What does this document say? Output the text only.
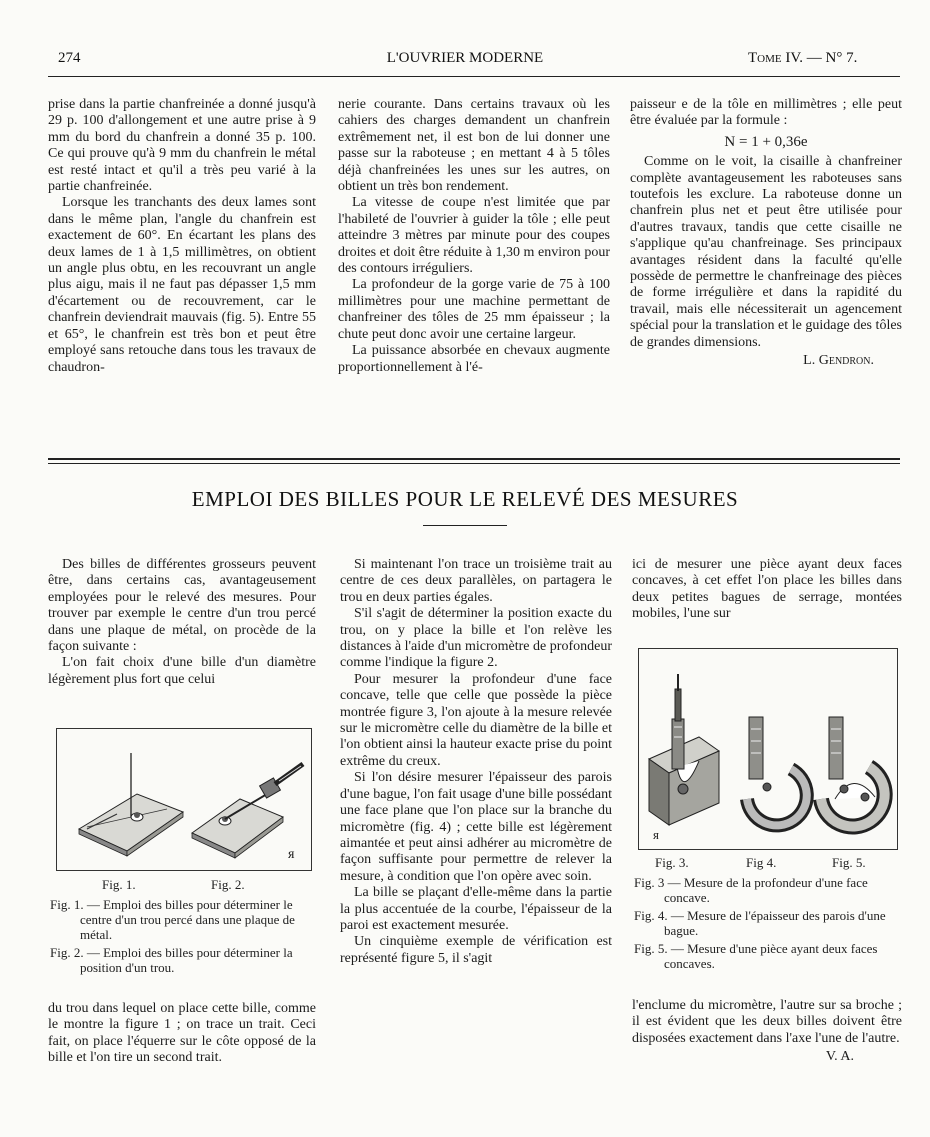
274	L'OUVRIER MODERNE	Tome IV. — N° 7.

prise dans la partie chanfreinée a donné jusqu'à 29 p. 100 d'allongement et une autre prise à 9 mm du bord du chanfrein a donné 35 p. 100. Ce qui prouve qu'à 9 mm du chanfrein le métal est resté intact et qu'il a très peu varié à la partie chanfreinée.

Lorsque les tranchants des deux lames sont dans le même plan, l'angle du chanfrein est exactement de 60°. En écartant les plans des deux lames de 1 à 1,5 millimètres, on obtient un angle plus obtu, en les recouvrant un angle plus aigu, mais il ne faut pas dépasser 1,5 mm d'écartement ou de recouvrement, car le chanfrein deviendrait mauvais (fig. 5). Entre 55 et 65°, le chanfrein est très bon et peut être employé sans retouche dans tous les travaux de chaudron-

nerie courante. Dans certains travaux où les cahiers des charges demandent un chanfrein extrêmement net, il est bon de lui donner une passe sur la raboteuse ; en mettant 4 à 5 tôles déjà chanfreinées les unes sur les autres, on obtient un très bon rendement.

La vitesse de coupe n'est limitée que par l'habileté de l'ouvrier à guider la tôle ; elle peut atteindre 3 mètres par minute pour des coupes droites et doit être réduite à 1,30 m environ pour des contours irréguliers.

La profondeur de la gorge varie de 75 à 100 millimètres pour une machine permettant de chanfreiner des tôles de 25 mm épaisseur ; la chute peut donc avoir une certaine largeur.

La puissance absorbée en chevaux augmente proportionnellement à l'é-

paisseur e de la tôle en millimètres ; elle peut être évaluée par la formule :

N = 1 + 0,36e

Comme on le voit, la cisaille à chanfreiner complète avantageusement les raboteuses sans toutefois les exclure. La raboteuse donne un chanfrein plus net et peut être utilisée pour d'autres travaux, tandis que cette cisaille ne s'applique qu'au chanfreinage. Ses principaux avantages résident dans la faculté qu'elle possède de permettre le chanfreinage des pièces de forme irrégulière et dans la rapidité du travail, mais elle nécessiterait un agencement spécial pour la translation et le guidage des tôles de grandes dimensions.

L. Gendron.

EMPLOI DES BILLES POUR LE RELEVÉ DES MESURES

Des billes de différentes grosseurs peuvent être, dans certains cas, avantageusement employées pour le relevé des mesures. Pour trouver par exemple le centre d'un trou percé dans une plaque de métal, on procède de la façon suivante :

L'on fait choix d'une bille d'un diamètre légèrement plus fort que celui

ᴙ
Fig. 1.	Fig. 2.

Fig. 1. — Emploi des billes pour déterminer le centre d'un trou percé dans une plaque de métal.

Fig. 2. — Emploi des billes pour déterminer la position d'un trou.

du trou dans lequel on place cette bille, comme le montre la figure 1 ; on trace un trait. Ceci fait, on place l'équerre sur le côte opposé de la bille et l'on tire un second trait.

Si maintenant l'on trace un troisième trait au centre de ces deux parallèles, on partagera le trou en deux parties égales.

S'il s'agit de déterminer la position exacte du trou, on y place la bille et l'on relève les distances à l'aide d'un micromètre de profondeur comme l'indique la figure 2.

Pour mesurer la profondeur d'une face concave, telle que celle que possède la pièce montrée figure 3, l'on ajoute à la mesure relevée sur le micromètre celle du diamètre de la bille et l'on obtient ainsi la hauteur exacte prise du point extrême du creux.

Si l'on désire mesurer l'épaisseur des parois d'une bague, l'on fait usage d'une bille possédant une face plane que l'on place sur la branche du micromètre (fig. 4) ; cette bille est légèrement aimantée et peut ainsi adhérer au micromètre de façon suffisante pour permettre de relever la mesure, à condition que l'on opère avec soin.

La bille se plaçant d'elle-même dans la partie la plus accentuée de la courbe, l'épaisseur de la paroi est exactement mesurée.

Un cinquième exemple de vérification est représenté figure 5, il s'agit

ici de mesurer une pièce ayant deux faces concaves, à cet effet l'on place les billes dans deux petites bagues de serrage, montées mobiles, l'une sur

ᴙ
Fig. 3.	Fig 4.	Fig. 5.

Fig. 3 — Mesure de la profondeur d'une face concave.

Fig. 4. — Mesure de l'épaisseur des parois d'une bague.

Fig. 5. — Mesure d'une pièce ayant deux faces concaves.

l'enclume du micromètre, l'autre sur sa broche ; il est évident que les deux billes doivent être disposées exactement dans l'axe l'une de l'autre.

V. A.
